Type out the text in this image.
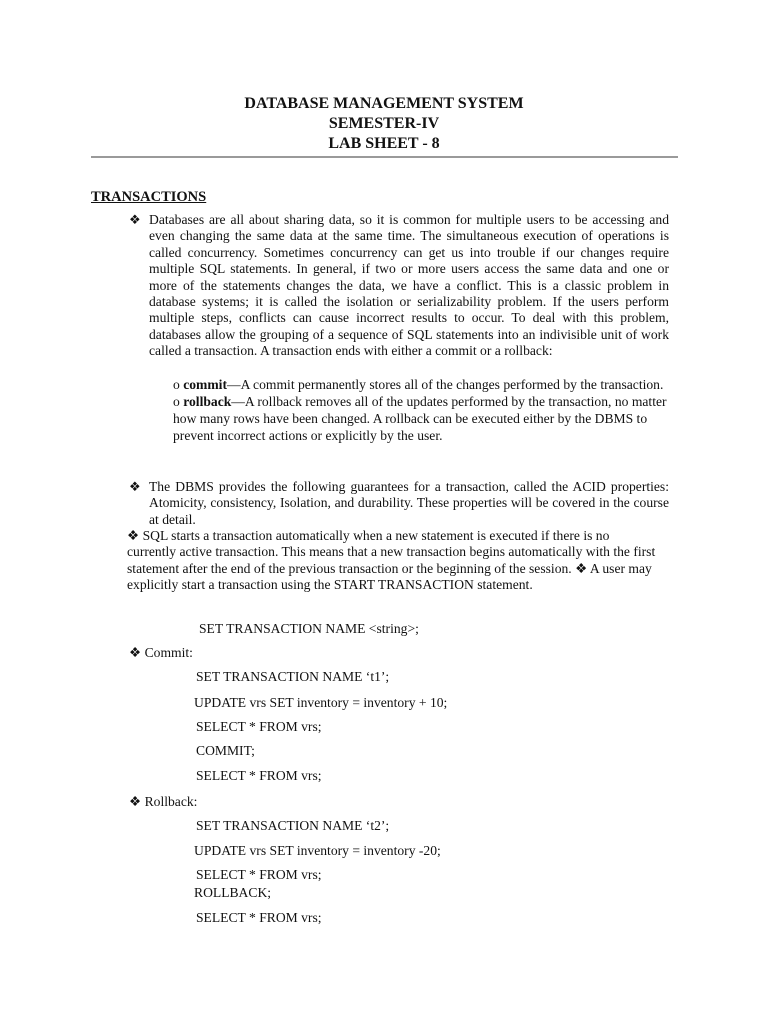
DATABASE MANAGEMENT SYSTEM
SEMESTER-IV
LAB SHEET - 8
TRANSACTIONS
❖ Databases are all about sharing data, so it is common for multiple users to be accessing and even changing the same data at the same time. The simultaneous execution of operations is called concurrency. Sometimes concurrency can get us into trouble if our changes require multiple SQL statements. In general, if two or more users access the same data and one or more of the statements changes the data, we have a conflict. This is a classic problem in database systems; it is called the isolation or serializability problem. If the users perform multiple steps, conflicts can cause incorrect results to occur. To deal with this problem, databases allow the grouping of a sequence of SQL statements into an indivisible unit of work called a transaction. A transaction ends with either a commit or a rollback:
o commit—A commit permanently stores all of the changes performed by the transaction. o rollback—A rollback removes all of the updates performed by the transaction, no matter how many rows have been changed. A rollback can be executed either by the DBMS to prevent incorrect actions or explicitly by the user.
❖ The DBMS provides the following guarantees for a transaction, called the ACID properties: Atomicity, consistency, Isolation, and durability. These properties will be covered in the course at detail.
❖ SQL starts a transaction automatically when a new statement is executed if there is no currently active transaction. This means that a new transaction begins automatically with the first statement after the end of the previous transaction or the beginning of the session. ❖ A user may explicitly start a transaction using the START TRANSACTION statement.
SET TRANSACTION NAME <string>;
❖ Commit:
SET TRANSACTION NAME ‘t1’;
UPDATE vrs SET inventory = inventory + 10;
SELECT * FROM vrs;
COMMIT;
SELECT * FROM vrs;
❖ Rollback:
SET TRANSACTION NAME ‘t2’;
UPDATE vrs SET inventory = inventory -20;
SELECT * FROM vrs;
ROLLBACK;
SELECT * FROM vrs;
